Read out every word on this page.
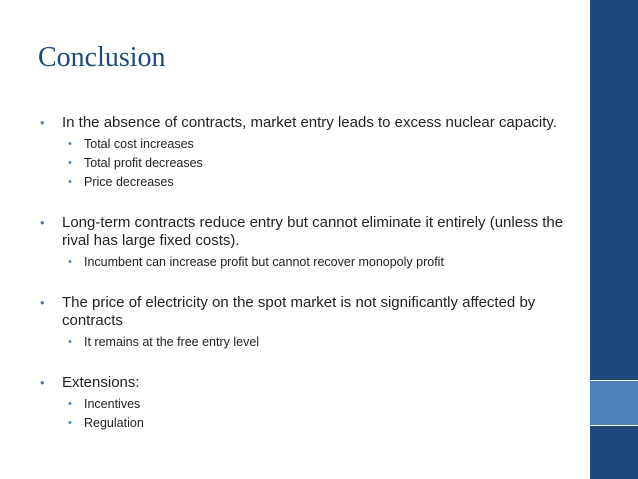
Conclusion
• In the absence of contracts, market entry leads to excess nuclear capacity.
• Total cost increases
• Total profit decreases
• Price decreases
• Long-term contracts reduce entry but cannot eliminate it entirely (unless the rival has large fixed costs).
• Incumbent can increase profit but cannot recover monopoly profit
• The price of electricity on the spot market is not significantly affected by contracts
• It remains at the free entry level
• Extensions:
• Incentives
• Regulation
